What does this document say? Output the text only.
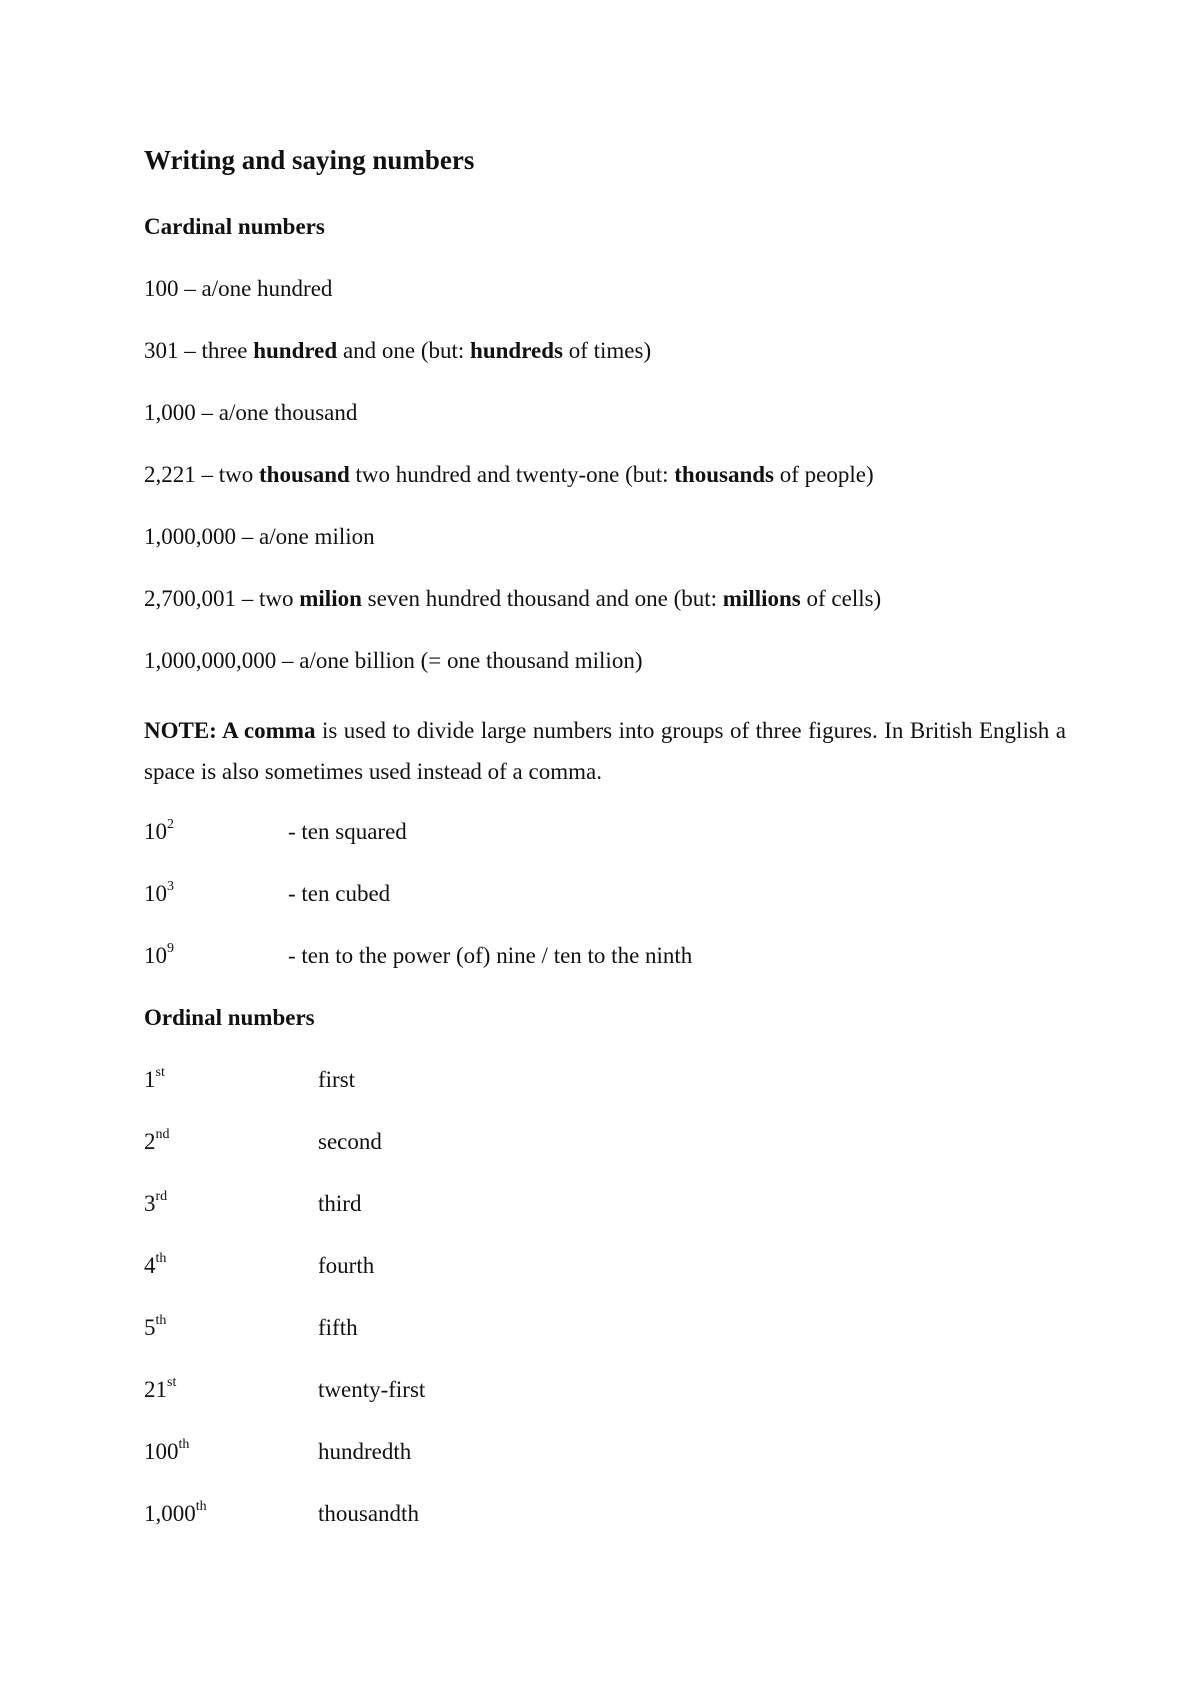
Writing and saying numbers
Cardinal numbers
100 – a/one hundred
301 – three hundred and one (but: hundreds of times)
1,000 – a/one thousand
2,221 – two thousand two hundred and twenty-one (but: thousands of people)
1,000,000 – a/one milion
2,700,001 – two milion seven hundred thousand and one (but: millions of cells)
1,000,000,000 – a/one billion (= one thousand milion)
NOTE: A comma is used to divide large numbers into groups of three figures. In British English a space is also sometimes used instead of a comma.
$10^2$	- ten squared
$10^3$	- ten cubed
$10^9$	- ten to the power (of) nine / ten to the ninth
Ordinal numbers
1st	first
2nd	second
3rd	third
4th	fourth
5th	fifth
21st	twenty-first
100th	hundredth
1,000th	thousandth
